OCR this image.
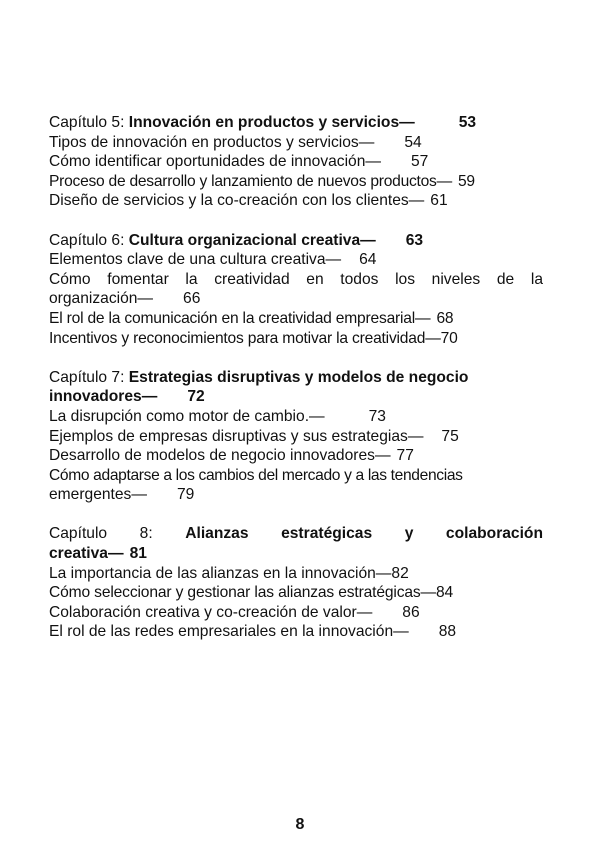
Capítulo 5: Innovación en productos y servicios—	53
Tipos de innovación en productos y servicios— 54
Cómo identificar oportunidades de innovación— 57
Proceso de desarrollo y lanzamiento de nuevos productos— 59
Diseño de servicios y la co-creación con los clientes— 61
Capítulo 6: Cultura organizacional creativa— 63
Elementos clave de una cultura creativa— 64
Cómo fomentar la creatividad en todos los niveles de la
organización— 66
El rol de la comunicación en la creatividad empresarial— 68
Incentivos y reconocimientos para motivar la creatividad—70
Capítulo 7: Estrategias disruptivas y modelos de negocio
innovadores— 72
La disrupción como motor de cambio.—	73
Ejemplos de empresas disruptivas y sus estrategias— 75
Desarrollo de modelos de negocio innovadores— 77
Cómo adaptarse a los cambios del mercado y a las tendencias
emergentes— 79
Capítulo 8: Alianzas estratégicas y colaboración
creativa— 81
La importancia de las alianzas en la innovación—82
Cómo seleccionar y gestionar las alianzas estratégicas—84
Colaboración creativa y co-creación de valor— 86
El rol de las redes empresariales en la innovación— 88
8
